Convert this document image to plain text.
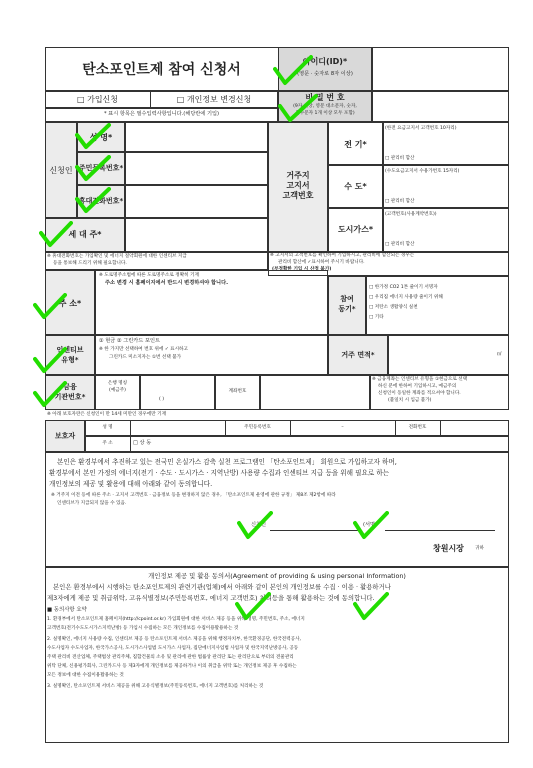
탄소포인트제 참여 신청서
아이디(ID)*
(영문 · 숫자로 8자 이상)
□ 가입신청	□ 개인정보 변경신청
* 표시 항목은 필수입력사항입니다.(해당란에 기입)
비 밀 번 호
(9자 이상, 영문 대소문자, 숫자,
특수문자 1개 이상 모두 포함)
신청인
성 명*
주민등록번호*
휴대전화번호*
세 대 주*
※ 휴대전화번호는 가입확인 및 에너지 절약회원에 대한 인센티브 지급
등을 통보해 드리기 위해 필요합니다.
거주지
고지서
고객번호
전 기*
(한전 요금고지서 고객번호 10자리)
□ 관리비 합산
수 도*
(수도요금고지서 수용가번호 15자리)
□ 관리비 합산
도시가스*
(고객번호(사용계약번호))
□ 관리비 합산
※ 고지서의 고객번호를 확인하여 기입하시고, 관리비에 합산되는 경우는
관리비 합산에 ✓표시하여 주시기 바랍니다.
(부정확한 기입 시 산정 불가)
주 소*
※ 도로명주소법에 따른 도로명주소로 정확히 기재
주소 변경 시 홈페이지에서 반드시 변경하셔야 합니다.
참여
동기*
□ 한가정 CO2 1톤 줄이기 서명자
□ 우리집 에너지 사용량 줄이기 위해
□ 저탄소 생활양식 실천
□ 기타
인센티브
유형*
① 현금 ② 그린카드 포인트
※ 한 가지만 선택하여 번호 위에 ✓ 표시하고
그린카드 미소지자는 ①번 선택 불가	거주 면적*	㎡
금융
기관번호*
은행 명칭
(예금주)
( )
계좌번호
※ 금융계좌는 인센티브 유형을 ①현금으로 선택
하신 분에 한하여 기입하시고, 예금주의
신청인이 동일한 계좌를 적으셔야 합니다.
(불일치 시 입금 불가)
※ 아래 보호자란은 신청인이 만 14세 미만인 경우에만 기재
보호자
성 명	주민등록번호	–	전화번호
주 소	□ 상 동
본인은 환경부에서 추진하고 있는 전국민 온실가스 감축 실천 프로그램인 「탄소포인트제」 회원으로 가입하고자 하며,
환경부에서 본인 가정의 에너지(전기 · 수도 · 도시가스 · 지역난방) 사용량 수집과 인센티브 지급 등을 위해 필요로 하는
개인정보의 제공 및 활용에 대해 아래와 같이 동의합니다.
※ 거주지 이전 등에 따른 주소 · 고지서 고객번호 · 금융정보 등을 변경하지 않은 경우, 「탄소포인트제 운영에 관한 규정」 제8조 제2항에 따라
인센티브가 지급되지 않을 수 있음.
신청인	(서명)
창원시장 귀하
개인정보 제공 및 활용 동의서(Agreement of providing & using personal Information)
본인은 환경부에서 시행하는 탄소포인트제의 관련기관(업체)에서 아래와 같이 본인의 개인정보를 수집 · 이용 · 활용하거나
제3자에게 제공 및 취급위탁, 고유식별정보(주민등록번호, 에너지 고객번호) 처리등을 통해 활용하는 것에 동의합니다.
■ 동의사항 요약
1. 환경부에서 탄소포인트제 홈페이지(http://cpoint.or.kr) 가입회원에 대한 서비스 제공 등을 위해 성명, 주민번호, 주소, 에너지
고객번호(전기수도도시가스지역난방) 등 가입시 수집하는 모든 개인정보를 수집이용활용하는 것
2. 실명확인, 에너지 사용량 수집, 인센티브 제공 등 탄소포인트제 서비스 제공을 위해 행정자치부, 한국환경공단, 한국전력공사,
수도사업자 수도사업자, 한국가스공사, 도시가스사업법 도시가스 사업자, 집단에너지사업법 사업자 및 한국지역난방공사, 공동
주택 관리비 전산업체, 주택법상 관리주체, 집합건물의 소유 및 관리에 관한 법률상 관리단 또는 관리단으로 부터의 전물관리
위탁 단체, 신용평가회사, 그린카드사 등 제3자에게 개인정보를 제공하거나 이의 취급을 위탁 또는 개인정보 제공 후 수집하는
모든 정보에 대한 수집이용활용하는 것
3. 실명확인, 탄소포인트제 서비스 제공을 위해 고유식별정보(주민등록번호, 에너지 고객번호)를 처리하는 것
